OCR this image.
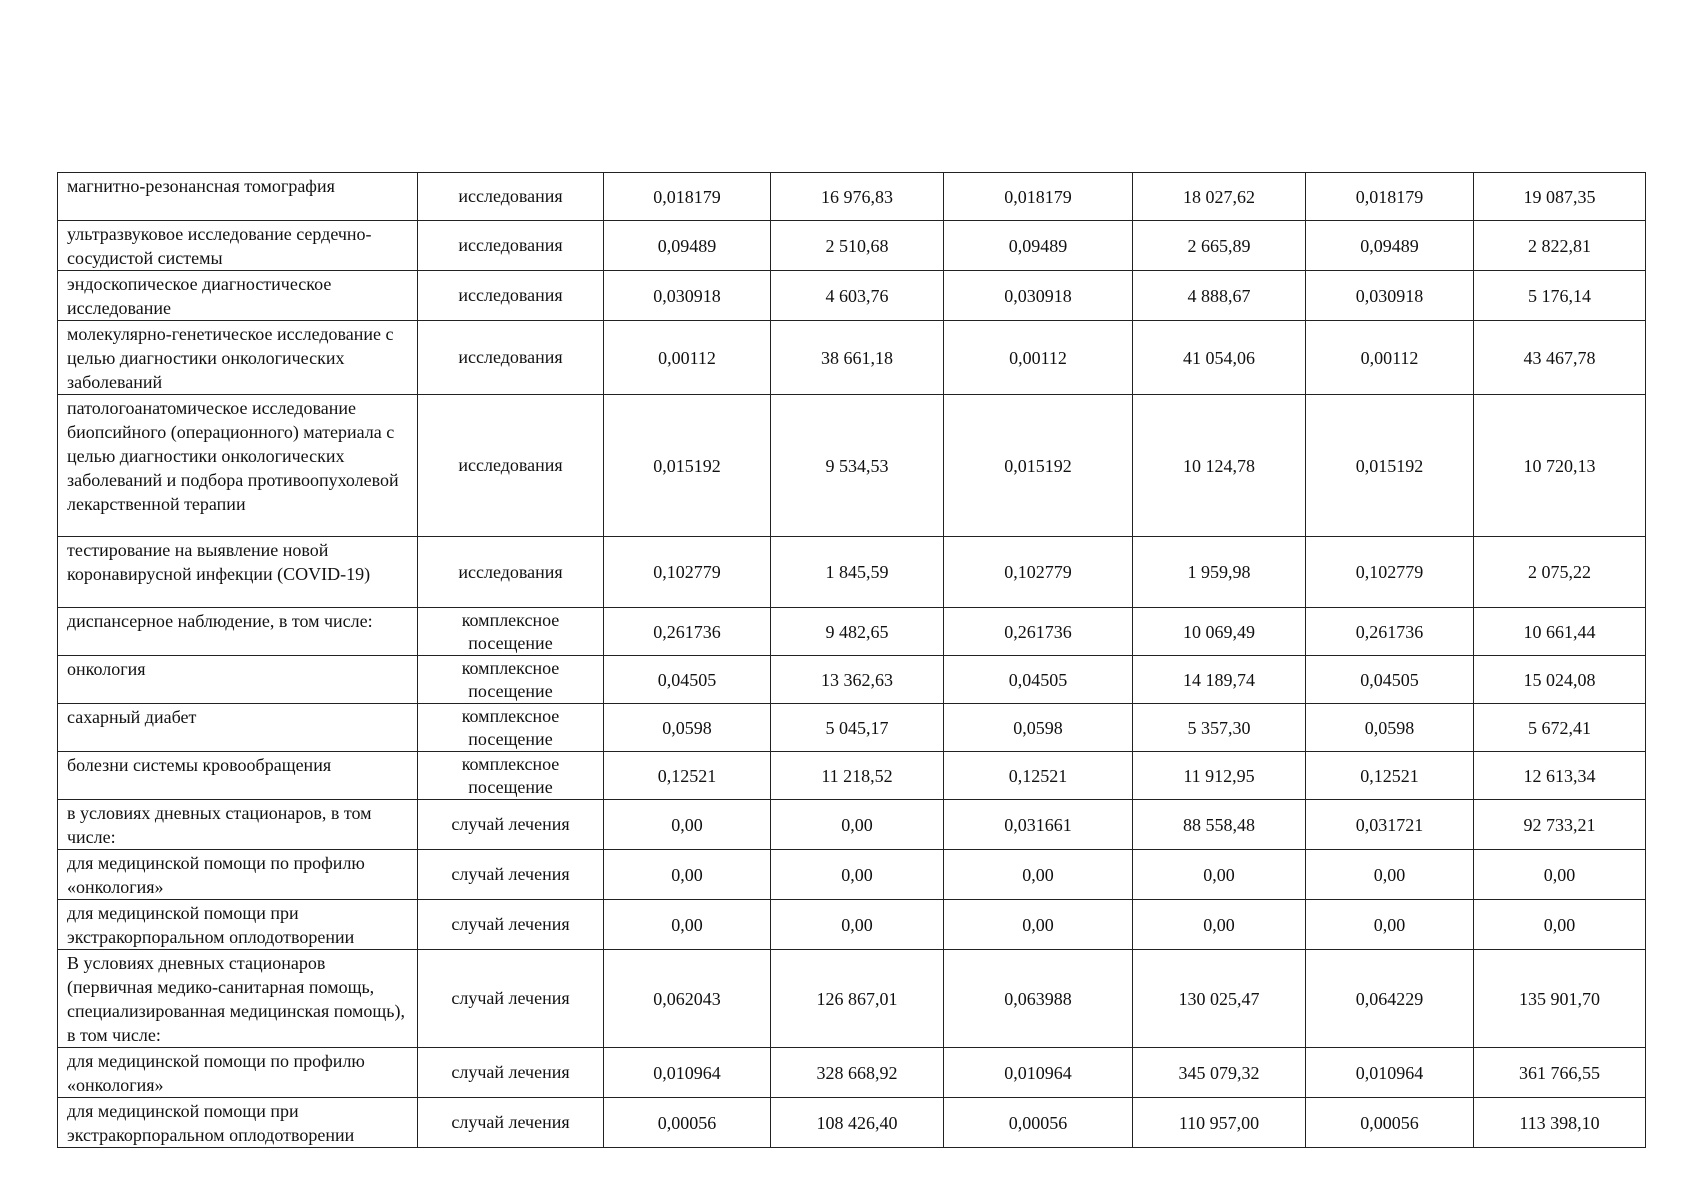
магнитно-резонансная томография	исследования	0,018179	16 976,83	0,018179	18 027,62	0,018179	19 087,35
ультразвуковое исследование сердечно-сосудистой системы	исследования	0,09489	2 510,68	0,09489	2 665,89	0,09489	2 822,81
эндоскопическое диагностическое исследование	исследования	0,030918	4 603,76	0,030918	4 888,67	0,030918	5 176,14
молекулярно-генетическое исследование с целью диагностики онкологических заболеваний	исследования	0,00112	38 661,18	0,00112	41 054,06	0,00112	43 467,78
патологоанатомическое исследование биопсийного (операционного) материала с целью диагностики онкологических заболеваний и подбора противоопухолевой лекарственной терапии	исследования	0,015192	9 534,53	0,015192	10 124,78	0,015192	10 720,13
тестирование на выявление новой коронавирусной инфекции (COVID-19)	исследования	0,102779	1 845,59	0,102779	1 959,98	0,102779	2 075,22
диспансерное наблюдение, в том числе:	комплексное посещение	0,261736	9 482,65	0,261736	10 069,49	0,261736	10 661,44
онкология	комплексное посещение	0,04505	13 362,63	0,04505	14 189,74	0,04505	15 024,08
сахарный диабет	комплексное посещение	0,0598	5 045,17	0,0598	5 357,30	0,0598	5 672,41
болезни системы кровообращения	комплексное посещение	0,12521	11 218,52	0,12521	11 912,95	0,12521	12 613,34
в условиях дневных стационаров, в том числе:	случай лечения	0,00	0,00	0,031661	88 558,48	0,031721	92 733,21
для медицинской помощи по профилю «онкология»	случай лечения	0,00	0,00	0,00	0,00	0,00	0,00
для медицинской помощи при экстракорпоральном оплодотворении	случай лечения	0,00	0,00	0,00	0,00	0,00	0,00
В условиях дневных стационаров (первичная медико-санитарная помощь, специализированная медицинская помощь), в том числе:	случай лечения	0,062043	126 867,01	0,063988	130 025,47	0,064229	135 901,70
для медицинской помощи по профилю «онкология»	случай лечения	0,010964	328 668,92	0,010964	345 079,32	0,010964	361 766,55
для медицинской помощи при экстракорпоральном оплодотворении	случай лечения	0,00056	108 426,40	0,00056	110 957,00	0,00056	113 398,10
